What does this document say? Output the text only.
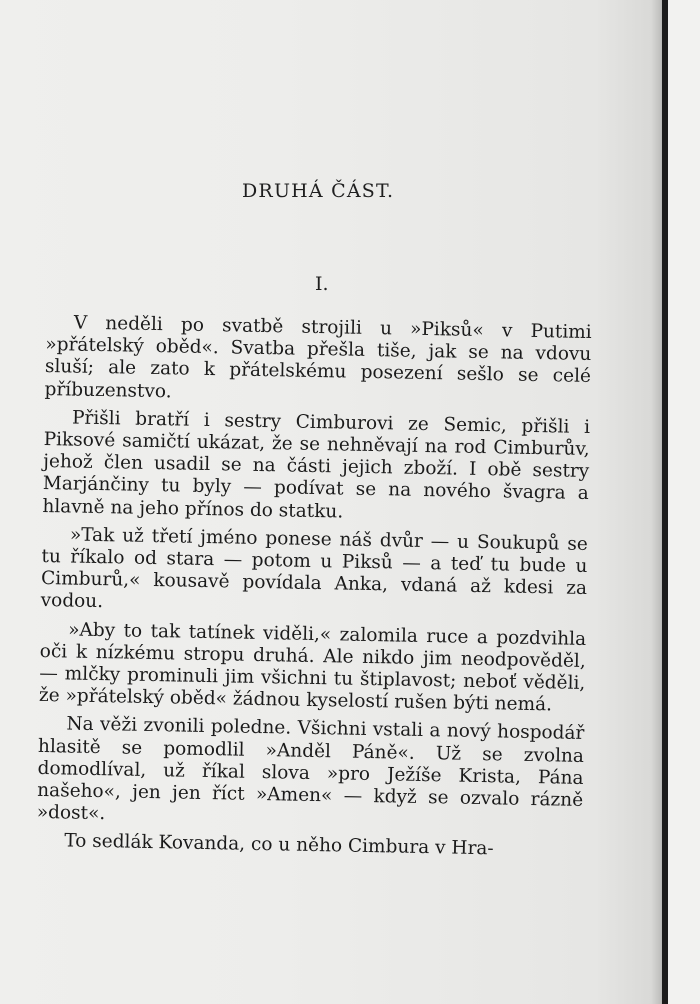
DRUHÁ ČÁST.
I.

V neděli po svatbě strojili u »Piksů« v Putimi »přátelský oběd«. Svatba přešla tiše, jak se na vdovu sluší; ale zato k přátelskému posezení sešlo se celé příbuzenstvo.

Přišli bratří i sestry Cimburovi ze Semic, přišli i Piksové samičtí ukázat, že se nehněvají na rod Cimburův, jehož člen usadil se na části jejich zboží. I obě sestry Marjánčiny tu byly — podívat se na nového švagra a hlavně na jeho přínos do statku.

»Tak už třetí jméno ponese náš dvůr — u Soukupů se tu říkalo od stara — potom u Piksů — a teď tu bude u Cimburů,« kousavě povídala Anka, vdaná až kdesi za vodou.

»Aby to tak tatínek viděli,« zalomila ruce a pozdvihla oči k nízkému stropu druhá. Ale nikdo jim neodpověděl, — mlčky prominuli jim všichni tu štiplavost; neboť věděli, že »přátelský oběd« žádnou kyselostí rušen býti nemá.

Na věži zvonili poledne. Všichni vstali a nový hospodář hlasitě se pomodlil »Anděl Páně«. Už se zvolna domodlíval, už říkal slova »pro Ježíše Krista, Pána našeho«, jen jen říct »Amen« — když se ozvalo rázně »dost«.

To sedlák Kovanda, co u něho Cimbura v Hra-
